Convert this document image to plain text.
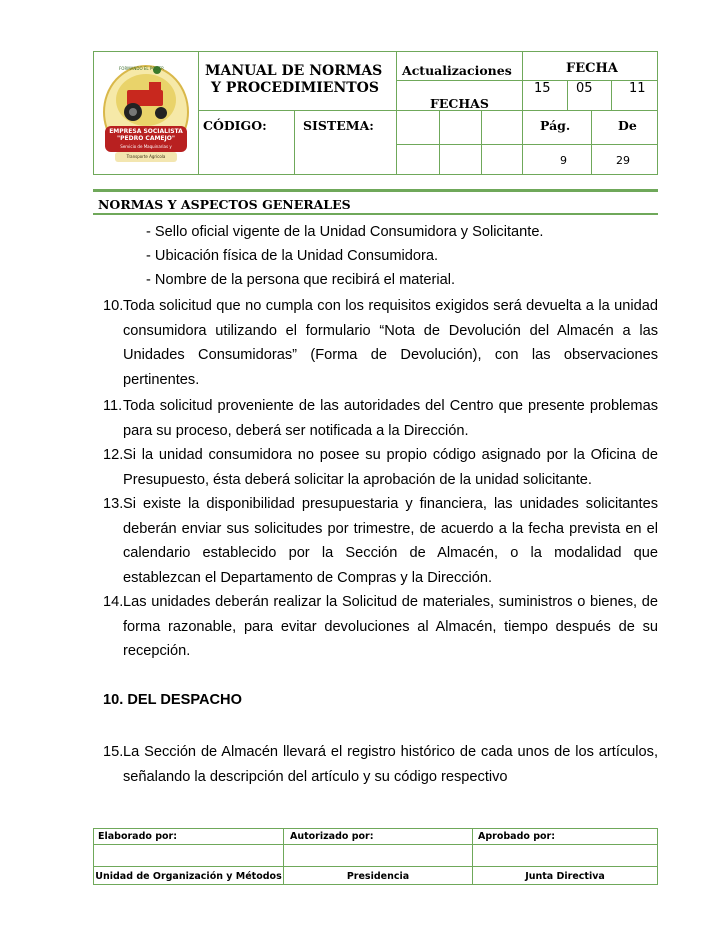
FORMANDO EL PODER
EMPRESA SOCIALISTA
"PEDRO CAMEJO"
Servicio de Maquinarias y
Transporte Agrícola
MANUAL DE NORMAS
Y PROCEDIMIENTOS
Actualizaciones
FECHAS
FECHA
15 05	11
CÓDIGO:	SISTEMA:	Pág.	De
9	29
NORMAS Y ASPECTOS GENERALES
- Sello oficial vigente de la Unidad Consumidora y Solicitante.
- Ubicación física de la Unidad Consumidora.
- Nombre de la persona que recibirá el material.
10. Toda solicitud que no cumpla con los requisitos exigidos será devuelta a la unidad consumidora utilizando el formulario “Nota de Devolución del Almacén a las Unidades Consumidoras” (Forma de Devolución), con las observaciones pertinentes.
11. Toda solicitud proveniente de las autoridades del Centro que presente problemas para su proceso, deberá ser notificada a la Dirección.
12. Si la unidad consumidora no posee su propio código asignado por la Oficina de Presupuesto, ésta deberá solicitar la aprobación de la unidad solicitante.
13. Si existe la disponibilidad presupuestaria y financiera, las unidades solicitantes deberán enviar sus solicitudes por trimestre, de acuerdo a la fecha prevista en el calendario establecido por la Sección de Almacén, o la modalidad que establezcan el Departamento de Compras y la Dirección.
14. Las unidades deberán realizar la Solicitud de materiales, suministros o bienes, de forma razonable, para evitar devoluciones al Almacén, tiempo después de su recepción.
10. DEL DESPACHO
15. La Sección de Almacén llevará el registro histórico de cada unos de los artículos, señalando la descripción del artículo y su código respectivo
Elaborado por:	Autorizado por:	Aprobado por:
Unidad de Organización y Métodos	Presidencia	Junta Directiva
